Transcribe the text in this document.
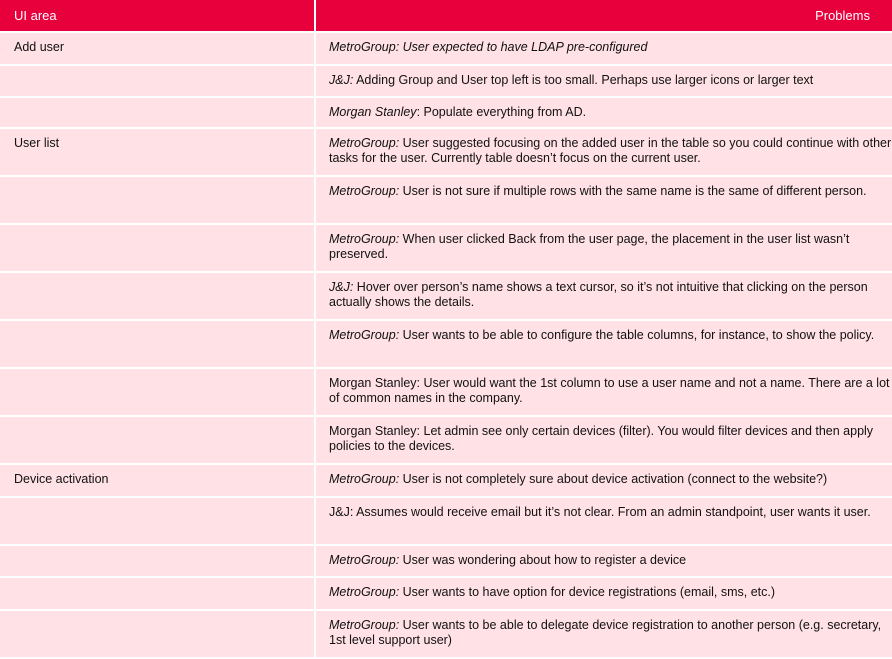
UI area	Problems
Add user	MetroGroup: User expected to have LDAP pre-configured
	J&J: Adding Group and User top left is too small. Perhaps use larger icons or larger text
	Morgan Stanley: Populate everything from AD.
User list	MetroGroup: User suggested focusing on the added user in the table so you could continue with other tasks for the user. Currently table doesn’t focus on the current user.
	MetroGroup: User is not sure if multiple rows with the same name is the same of different person.
	MetroGroup: When user clicked Back from the user page, the placement in the user list wasn’t preserved.
	J&J: Hover over person’s name shows a text cursor, so it’s not intuitive that clicking on the person actually shows the details.
	MetroGroup: User wants to be able to configure the table columns, for instance, to show the policy.
	Morgan Stanley: User would want the 1st column to use a user name and not a name. There are a lot of common names in the company.
	Morgan Stanley: Let admin see only certain devices (filter). You would filter devices and then apply policies to the devices.
Device activation	MetroGroup: User is not completely sure about device activation (connect to the website?)
	J&J: Assumes would receive email but it’s not clear. From an admin standpoint, user wants it user.
	MetroGroup: User was wondering about how to register a device
	MetroGroup: User wants to have option for device registrations (email, sms, etc.)
	MetroGroup: User wants to be able to delegate device registration to another person (e.g. secretary, 1st level support user)
